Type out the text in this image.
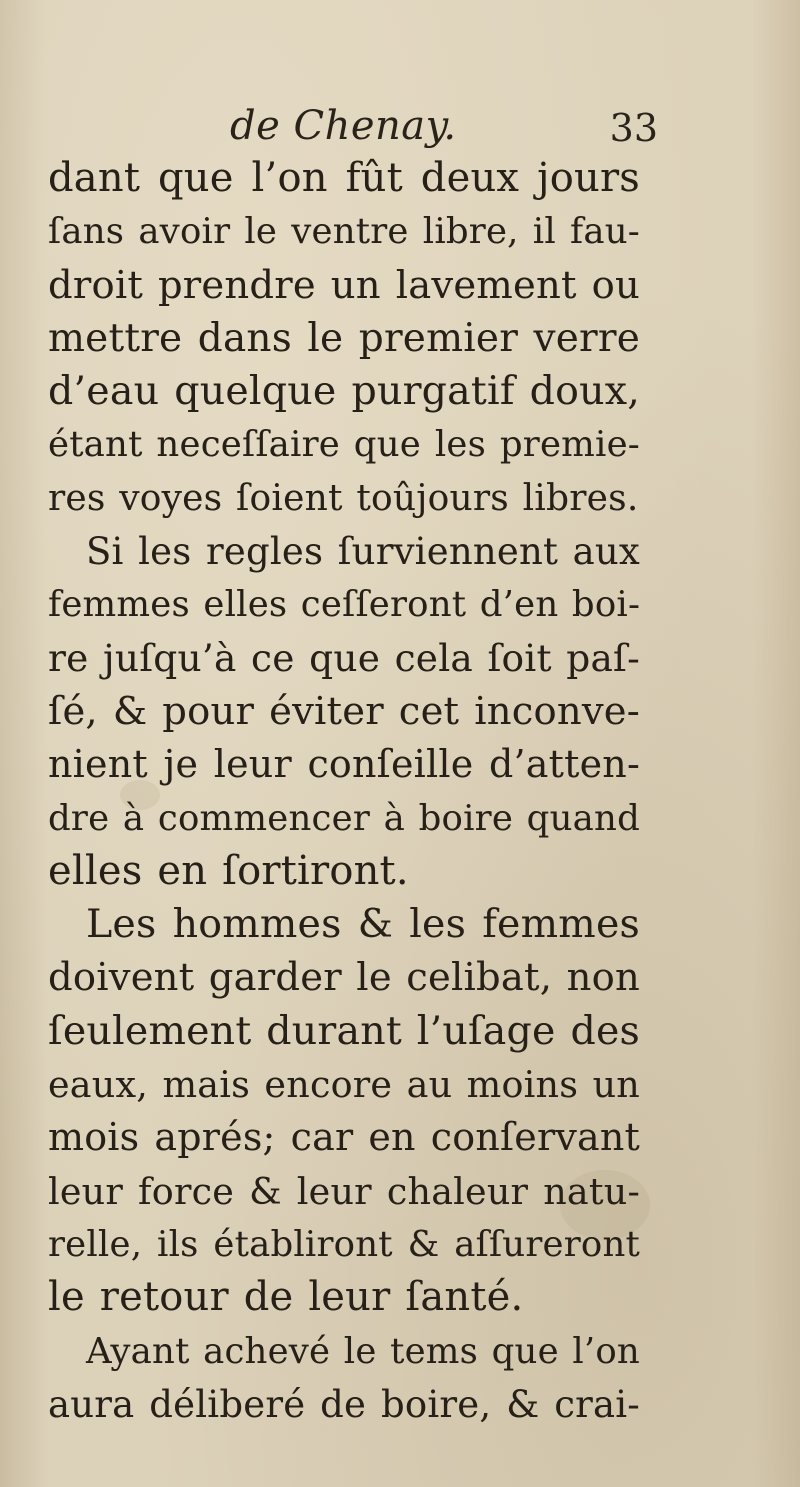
de Chenay.	33
dant que l’on fût deux jours
ſans avoir le ventre libre, il fau-
droit prendre un lavement ou
mettre dans le premier verre
d’eau quelque purgatif doux,
étant neceſſaire que les premie-
res voyes ſoient toûjours libres.
Si les regles ſurviennent aux
femmes elles ceſſeront d’en boi-
re juſqu’à ce que cela ſoit paſ-
ſé, & pour éviter cet inconve-
nient je leur conſeille d’atten-
dre à commencer à boire quand
elles en ſortiront.
Les hommes & les femmes
doivent garder le celibat, non
ſeulement durant l’uſage des
eaux, mais encore au moins un
mois aprés; car en conſervant
leur force & leur chaleur natu-
relle, ils établiront & aſſureront
le retour de leur ſanté.
Ayant achevé le tems que l’on
aura déliberé de boire, & crai-
